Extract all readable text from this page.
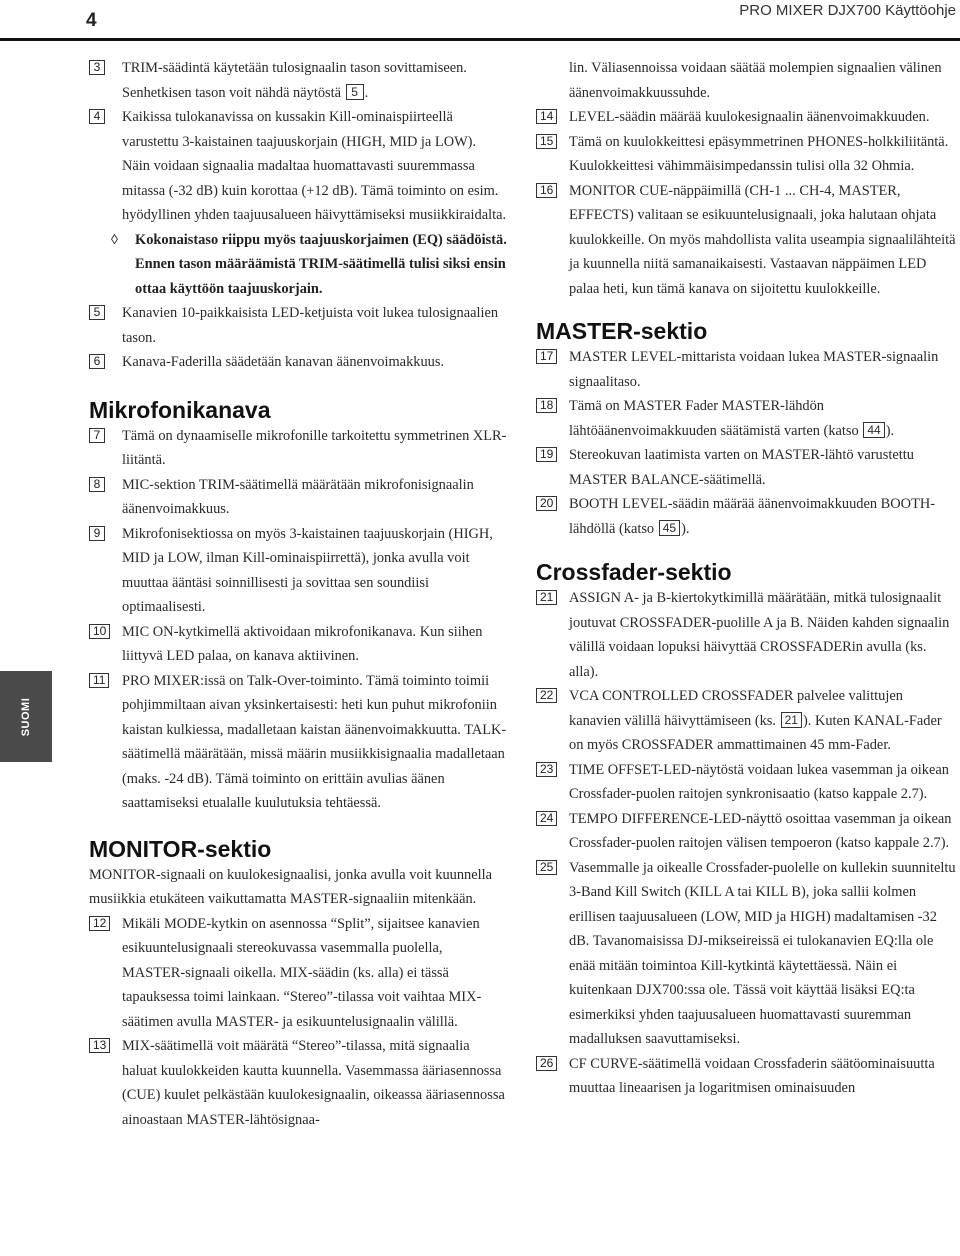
4	PRO MIXER DJX700 Käyttöohje
SUOMI
3	TRIM-säädintä käytetään tulosignaalin tason sovittamiseen. Senhetkisen tason voit nähdä näytöstä 5 .
4	Kaikissa tulokanavissa on kussakin Kill-ominaispiirteellä varustettu 3-kaistainen taajuuskorjain (HIGH, MID ja LOW). Näin voidaan signaalia madaltaa huomattavasti suuremmassa mitassa (-32 dB) kuin korottaa (+12 dB). Tämä toiminto on esim. hyödyllinen yhden taajuusalueen häivyttämiseksi musiikkiraidalta.
◊ Kokonaistaso riippu myös taajuuskorjaimen (EQ) säädöistä. Ennen tason määräämistä TRIM-säätimellä tulisi siksi ensin ottaa käyttöön taajuuskorjain.
5	Kanavien 10-paikkaisista LED-ketjuista voit lukea tulosignaalien tason.
6	Kanava-Faderilla säädetään kanavan äänenvoimakkuus.
Mikrofonikanava
7	Tämä on dynaamiselle mikrofonille tarkoitettu symmetrinen XLR-liitäntä.
8	MIC-sektion TRIM-säätimellä määrätään mikrofonisignaalin äänenvoimakkuus.
9	Mikrofonisektiossa on myös 3-kaistainen taajuuskorjain (HIGH, MID ja LOW, ilman Kill-ominaispiirrettä), jonka avulla voit muuttaa ääntäsi soinnillisesti ja sovittaa sen soundiisi optimaalisesti.
10 MIC ON-kytkimellä aktivoidaan mikrofonikanava. Kun siihen liittyvä LED palaa, on kanava aktiivinen.
11 PRO MIXER:issä on Talk-Over-toiminto. Tämä toiminto toimii pohjimmiltaan aivan yksinkertaisesti: heti kun puhut mikrofoniin kaistan kulkiessa, madalletaan kaistan äänenvoimakkuutta. TALK-säätimellä määrätään, missä määrin musiikkisignaalia madalletaan (maks. -24 dB). Tämä toiminto on erittäin avulias äänen saattamiseksi etualalle kuulutuksia tehtäessä.
MONITOR-sektio

MONITOR-signaali on kuulokesignaalisi, jonka avulla voit kuunnella musiikkia etukäteen vaikuttamatta MASTER-signaaliin mitenkään.

12 Mikäli MODE-kytkin on asennossa “Split”, sijaitsee kanavien esikuuntelusignaali stereokuvassa vasemmalla puolella, MASTER-signaali oikella. MIX-säädin (ks. alla) ei tässä tapauksessa toimi lainkaan. “Stereo”-tilassa voit vaihtaa MIX-säätimen avulla MASTER- ja esikuuntelusignaalin välillä.
13 MIX-säätimellä voit määrätä “Stereo”-tilassa, mitä signaalia haluat kuulokkeiden kautta kuunnella. Vasemmassa ääriasennossa (CUE) kuulet pelkästään kuulokesignaalin, oikeassa ääriasennossa ainoastaan MASTER-lähtösignaa-
lin. Väliasennoissa voidaan säätää molempien signaalien välinen äänenvoimakkuussuhde.
14 LEVEL-säädin määrää kuulokesignaalin äänenvoimakkuuden.
15 Tämä on kuulokkeittesi epäsymmetrinen PHONES-holkkiliitäntä. Kuulokkeittesi vähimmäisimpedanssin tulisi olla 32 Ohmia.
16 MONITOR CUE-näppäimillä (CH-1 ... CH-4, MASTER, EFFECTS) valitaan se esikuuntelusignaali, joka halutaan ohjata kuulokkeille. On myös mahdollista valita useampia signaalilähteitä ja kuunnella niitä samanaikaisesti. Vastaavan näppäimen LED palaa heti, kun tämä kanava on sijoitettu kuulokkeille.
MASTER-sektio
17 MASTER LEVEL-mittarista voidaan lukea MASTER-signaalin signaalitaso.
18 Tämä on MASTER Fader MASTER-lähdön lähtöäänenvoimakkuuden säätämistä varten (katso 44 ).
19 Stereokuvan laatimista varten on MASTER-lähtö varustettu MASTER BALANCE-säätimellä.
20 BOOTH LEVEL-säädin määrää äänenvoimakkuuden BOOTH-lähdöllä (katso 45 ).
Crossfader-sektio
21 ASSIGN A- ja B-kiertokytkimillä määrätään, mitkä tulosignaalit joutuvat CROSSFADER-puolille A ja B. Näiden kahden signaalin välillä voidaan lopuksi häivyttää CROSSFADERin avulla (ks. alla).
22 VCA CONTROLLED CROSSFADER palvelee valittujen kanavien välillä häivyttämiseen (ks. 21 ). Kuten KANAL-Fader on myös CROSSFADER ammattimainen 45 mm-Fader.
23 TIME OFFSET-LED-näytöstä voidaan lukea vasemman ja oikean Crossfader-puolen raitojen synkronisaatio (katso kappale 2.7).
24 TEMPO DIFFERENCE-LED-näyttö osoittaa vasemman ja oikean Crossfader-puolen raitojen välisen tempoeron (katso kappale 2.7).
25 Vasemmalle ja oikealle Crossfader-puolelle on kullekin suunniteltu 3-Band Kill Switch (KILL A tai KILL B), joka sallii kolmen erillisen taajuusalueen (LOW, MID ja HIGH) madaltamisen -32 dB. Tavanomaisissa DJ-mikseireissä ei tulokanavien EQ:lla ole enää mitään toimintoa Kill-kytkintä käytettäessä. Näin ei kuitenkaan DJX700:ssa ole. Tässä voit käyttää lisäksi EQ:ta esimerkiksi yhden taajuusalueen huomattavasti suuremman madalluksen saavuttamiseksi.
26 CF CURVE-säätimellä voidaan Crossfaderin säätöominaisuutta muuttaa lineaarisen ja logaritmisen ominaisuuden
